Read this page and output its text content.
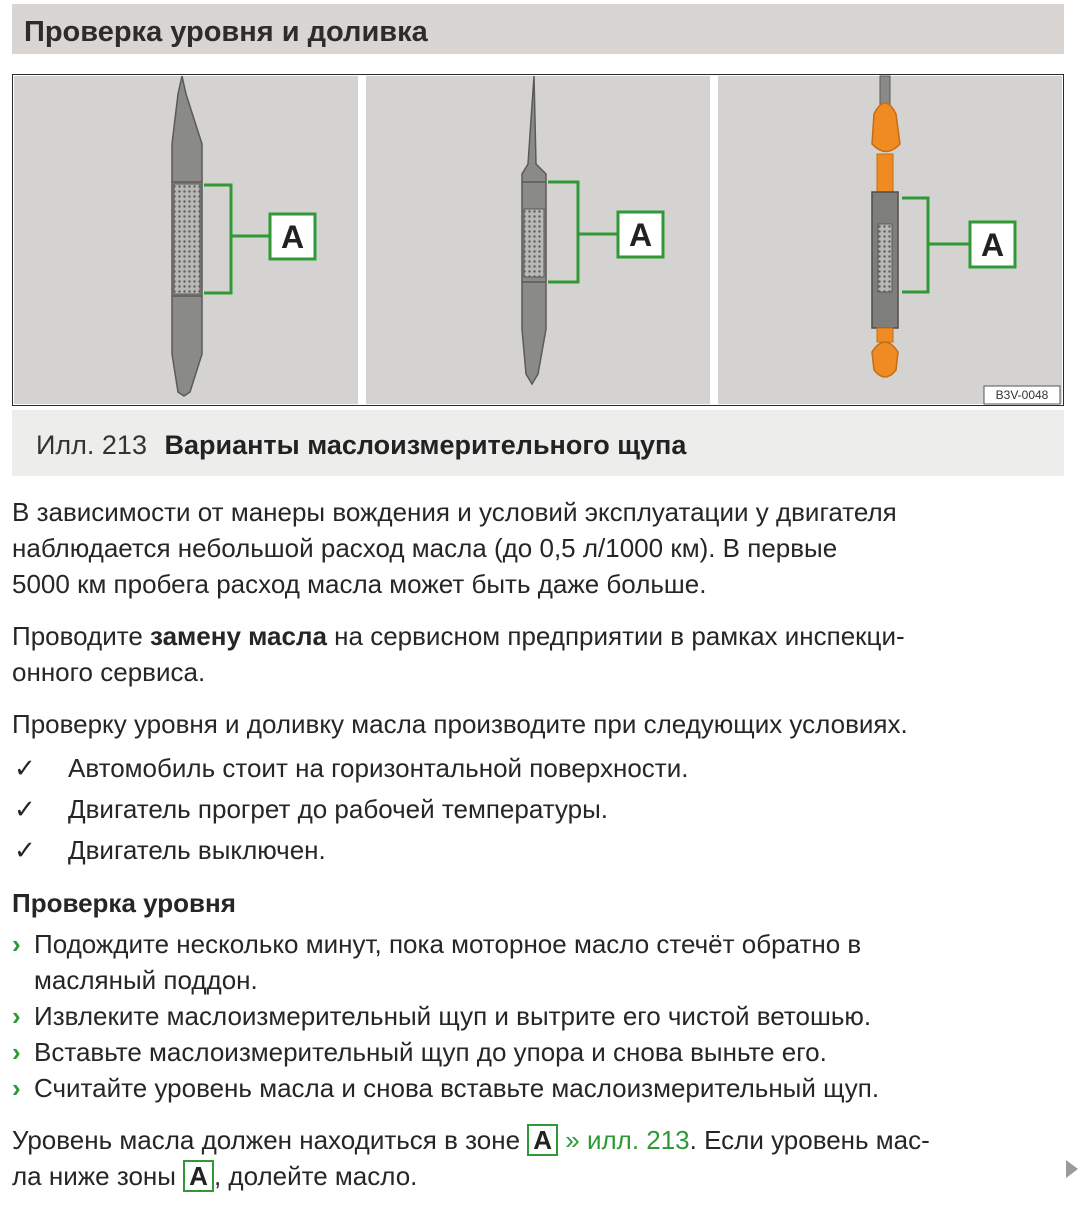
Проверка уровня и доливка
A	A	A
B3V-0048
Илл. 213 Варианты маслоизмерительного щупа

В зависимости от манеры вождения и условий эксплуатации у двигателя
наблюдается небольшой расход масла (до 0,5 л/1000 км). В первые
5000 км пробега расход масла может быть даже больше.

Проводите замену масла на сервисном предприятии в рамках инспекци-
онного сервиса.

Проверку уровня и доливку масла производите при следующих условиях.

✓ Автомобиль стоит на горизонтальной поверхности.
✓ Двигатель прогрет до рабочей температуры.
✓ Двигатель выключен.

Проверка уровня

› Подождите несколько минут, пока моторное масло стечёт обратно в
масляный поддон.
› Извлеките маслоизмерительный щуп и вытрите его чистой ветошью.
› Вставьте маслоизмерительный щуп до упора и снова выньте его.
› Считайте уровень масла и снова вставьте маслоизмерительный щуп.

Уровень масла должен находиться в зоне A » илл. 213. Если уровень мас-
ла ниже зоны A , долейте масло.
